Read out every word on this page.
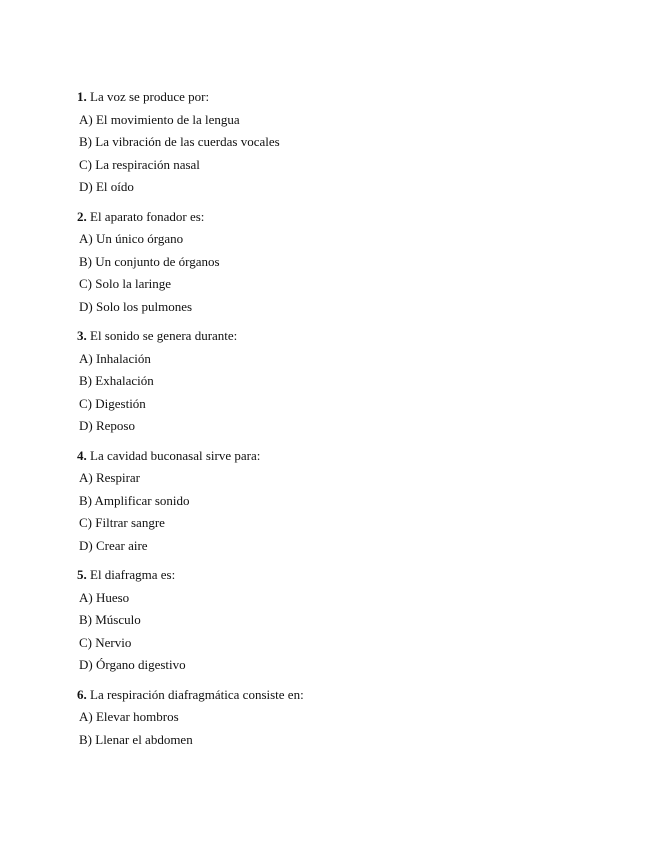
1. La voz se produce por:
A) El movimiento de la lengua
B) La vibración de las cuerdas vocales
C) La respiración nasal
D) El oído
2. El aparato fonador es:
A) Un único órgano
B) Un conjunto de órganos
C) Solo la laringe
D) Solo los pulmones
3. El sonido se genera durante:
A) Inhalación
B) Exhalación
C) Digestión
D) Reposo
4. La cavidad buconasal sirve para:
A) Respirar
B) Amplificar sonido
C) Filtrar sangre
D) Crear aire
5. El diafragma es:
A) Hueso
B) Músculo
C) Nervio
D) Órgano digestivo
6. La respiración diafragmática consiste en:
A) Elevar hombros
B) Llenar el abdomen
